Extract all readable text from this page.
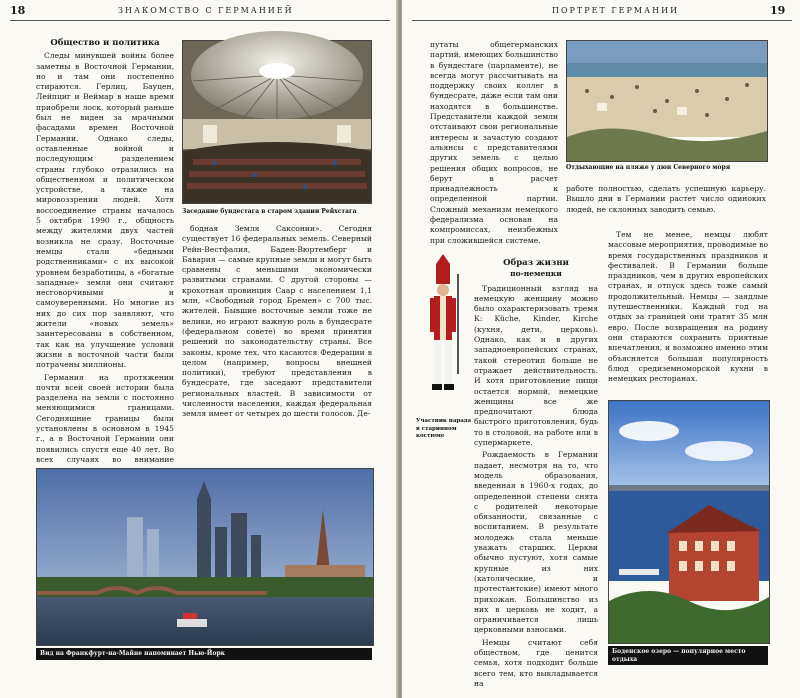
18	ЗНАКОМСТВО С ГЕРМАНИЕЙ
Общество и политика

Следы минувшей войны более заметны в Восточной Германии, но и там они постепенно стираются. Герлиц, Бауцен, Лейпциг и Веймар в наше время приобрели лоск, который раньше был не виден за мрачными фасадами времен Восточной Германии. Однако следы, оставленные войной и последующим разделением страны глубоко отразились на общественном и политическом устройстве, а также на мировоззрении людей. Хотя воссоединение страны началось 5 октября 1990 г., общность между жителями двух частей возникла не сразу. Восточные немцы стали «бедными родственниками» с их высокой уровнем безработицы, а «богатые западные» земли они считают несговорчивыми и самоуверенными. Но многие из них до сих пор заявляют, что жители «новых земель» заинтересованы в собственном, так как на улучшение условий жизни в восточной части были потрачены миллионы.

Германия на протяжении почти всей своей истории была разделена на земли с постоянно меняющимися границами. Сегодняшние границы были установлены в основном в 1945 г., а в Восточной Германии они появились спустя еще 40 лет. Во всех случаях во внимание

Заседание бундестага в старом здании Рейхстага

бодная Земля Саксонии». Сегодня существует 16 федеральных земель. Северный Рейн-Вестфалия, Баден-Вюртемберг и Бавария — самые крупные земли и могут быть сравнены с меньшими экономически развитыми странами. С другой стороны — крохотная провинция Саар с населением 1,1 млн, «Свободный город Бремен» с 700 тыс. жителей. Бывшие восточные земли тоже не велики, но играют важную роль в бундесрате (федеральном совете) во время принятия решений по законодательству страны. Все законы, кроме тех, что касаются Федерации в целом (например, вопросы внешней политики), требуют представления в бундесрате, где заседают представители региональных властей. В зависимости от численности населения, каждая федеральная земля имеет от четырех до шести голосов. Де-

Вид на Франкфурт-на-Майне напоминает Нью-Йорк
ПОРТРЕТ ГЕРМАНИИ	19

путаты общегерманских партий, имеющих большинство в бундестаге (парламенте), не всегда могут рассчитывать на поддержку своих коллег в бундесрате, даже если там они находятся в большинстве. Представители каждой земли отстаивают свои региональные интересы и зачастую создают альянсы с представителями других земель с целью решения общих вопросов, не берут в расчет принадлежность к определенной партии. Сложный механизм немецкого федерализма основан на компромиссах, неизбежных при сложившейся системе.

Отдыхающие на пляже у дюн Северного моря

работе полностью, сделать успешную карьеру. Вышло дни в Германии растет число одиноких людей, не склонных заводить семью.

Участник парада в старинном костюме
Образ жизни
по-немецки

Традиционный взгляд на немецкую женщину можно было охарактеризовать тремя К: Küche, Kinder, Kirche (кухня, дети, церковь). Однако, как и в других западноевропейских странах, такой стереотип больше не отражает действительность. И хотя приготовление пищи остается нормой, немецкие женщины все же предпочитают блюда быстрого приготовления, будь то в столовой, на работе или в супермаркете.

Рождаемость в Германии падает, несмотря на то, что модель образования, введенная в 1960-х годах, до определенной степени снята с родителей некоторые обязанности, связанные с воспитанием. В результате молодежь стала меньше уважать старших. Церкви обычно пустуют, хотя самые крупные из них (католические, и протестантские) имеют много прихожан. Большинство из них в церковь не ходит, а ограничивается лишь церковными взносами.

Немцы считают себя обществом, где ценится семья, хотя подходит больше всего тем, кто выкладывается на

Тем не менее, немцы любят массовые мероприятия, проводимые во время государственных праздников и фестивалей. В Германии больше праздников, чем в других европейских странах, и отпуск здесь тоже самый продолжительный. Немцы — заядлые путешественники. Каждый год на отдых за границей они тратят 35 млн евро. После возвращения на родину они стараются сохранить приятные впечатления, и возможно именно этим объясняется большая популярность блюд средиземноморской кухни в немецких ресторанах.

Боденское озеро — популярное место отдыха
